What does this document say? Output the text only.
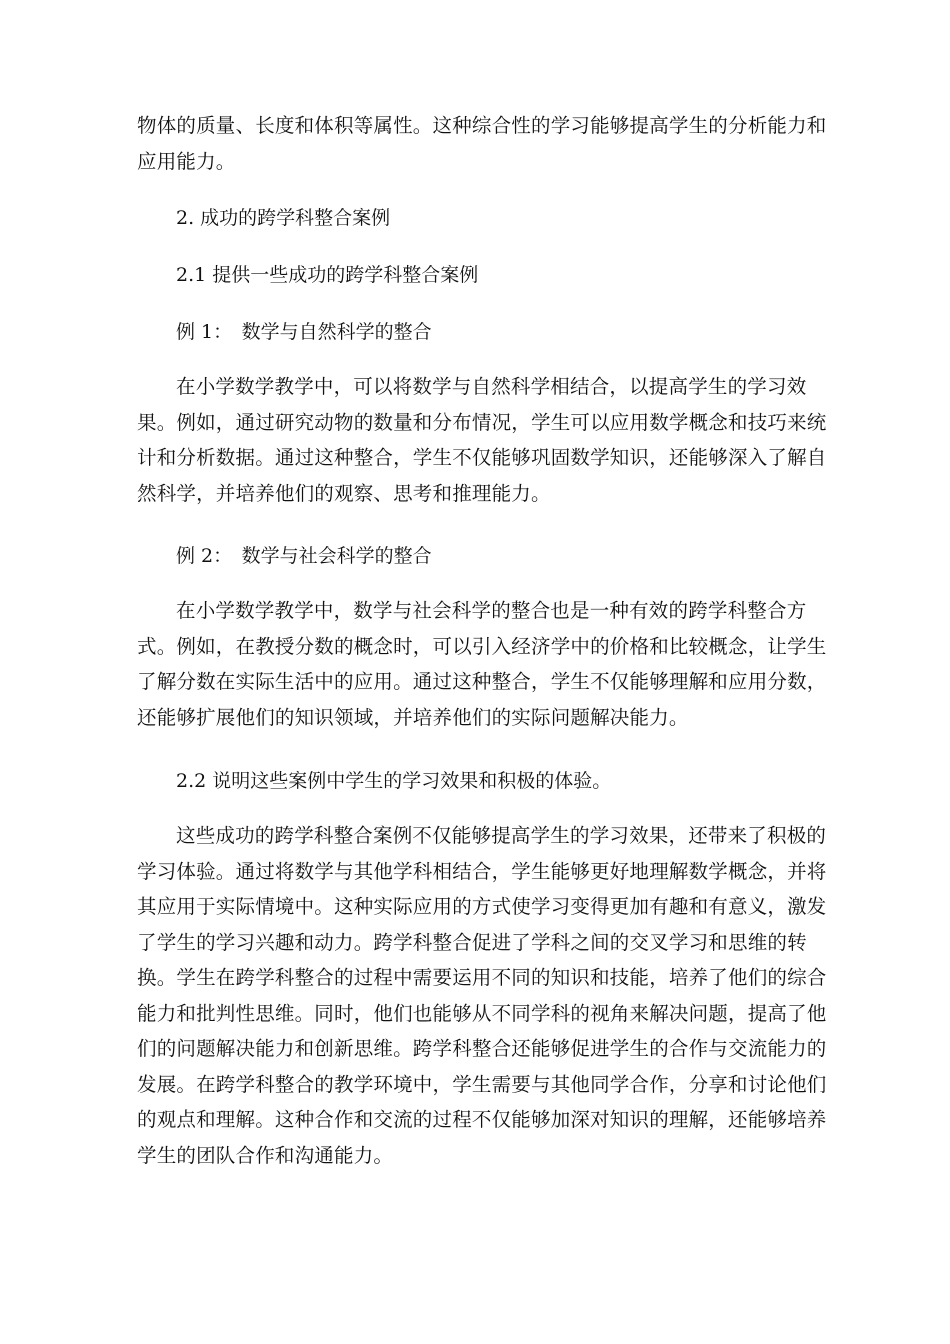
物体的质量、长度和体积等属性。这种综合性的学习能够提高学生的分析能力和应用能力。

2. 成功的跨学科整合案例

2.1 提供一些成功的跨学科整合案例

例 1：　数学与自然科学的整合

在小学数学教学中，可以将数学与自然科学相结合，以提高学生的学习效果。例如，通过研究动物的数量和分布情况，学生可以应用数学概念和技巧来统计和分析数据。通过这种整合，学生不仅能够巩固数学知识，还能够深入了解自然科学，并培养他们的观察、思考和推理能力。

例 2：　数学与社会科学的整合

在小学数学教学中，数学与社会科学的整合也是一种有效的跨学科整合方式。例如，在教授分数的概念时，可以引入经济学中的价格和比较概念，让学生了解分数在实际生活中的应用。通过这种整合，学生不仅能够理解和应用分数，还能够扩展他们的知识领域，并培养他们的实际问题解决能力。

2.2 说明这些案例中学生的学习效果和积极的体验。

这些成功的跨学科整合案例不仅能够提高学生的学习效果，还带来了积极的学习体验。通过将数学与其他学科相结合，学生能够更好地理解数学概念，并将其应用于实际情境中。这种实际应用的方式使学习变得更加有趣和有意义，激发了学生的学习兴趣和动力。跨学科整合促进了学科之间的交叉学习和思维的转换。学生在跨学科整合的过程中需要运用不同的知识和技能，培养了他们的综合能力和批判性思维。同时，他们也能够从不同学科的视角来解决问题，提高了他们的问题解决能力和创新思维。跨学科整合还能够促进学生的合作与交流能力的发展。在跨学科整合的教学环境中，学生需要与其他同学合作，分享和讨论他们的观点和理解。这种合作和交流的过程不仅能够加深对知识的理解，还能够培养学生的团队合作和沟通能力。
